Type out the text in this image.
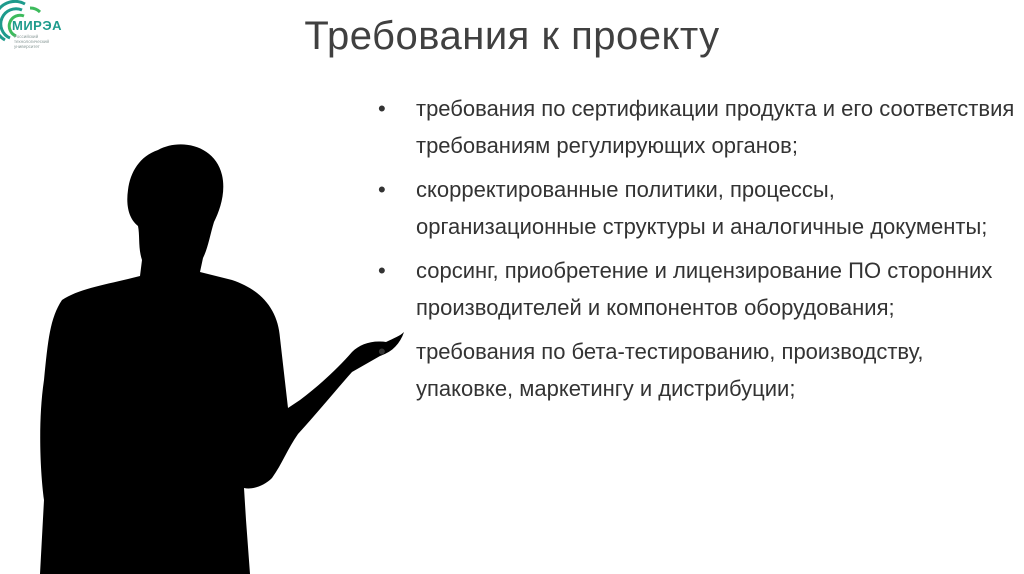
МИРЭА
Российский технологический университет	Требования к проекту
• требования по сертификации продукта и его соответствия требованиям регулирующих органов;
• скорректированные политики, процессы, организационные структуры и аналогичные документы;
• сорсинг, приобретение и лицензирование ПО сторонних производителей и компонентов оборудования;
• требования по бета-тестированию, производству, упаковке, маркетингу и дистрибуции;
